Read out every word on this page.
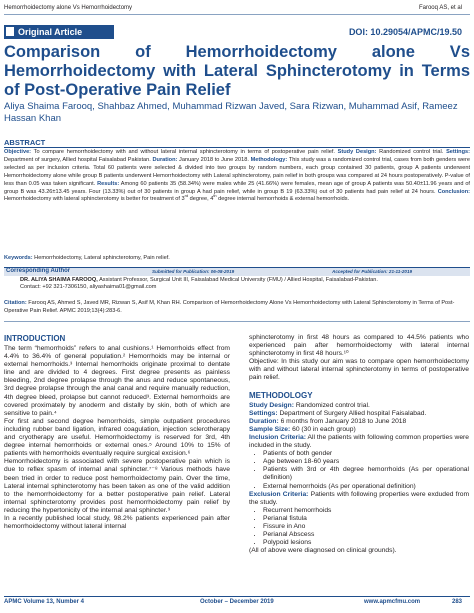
Hemorrhoidectomy alone Vs Hemorrhoidectomy	Farooq AS, et al
Original Article	DOI: 10.29054/APMC/19.50
Comparison of Hemorrhoidectomy alone Vs Hemorrhoidectomy with Lateral Sphincterotomy in Terms of Post-Operative Pain Relief
Aliya Shaima Farooq, Shahbaz Ahmed, Muhammad Rizwan Javed, Sara Rizwan, Muhammad Asif, Rameez Hassan Khan
ABSTRACT
Objective: To compare hemorrhoidectomy with and without lateral internal sphincterotomy in terms of postoperative pain relief. Study Design: Randomized control trial. Settings: Department of surgery, Allied hospital Faisalabad Pakistan. Duration: January 2018 to June 2018. Methodology: This study was a randomized control trial, cases from both genders were selected as per inclusion criteria. Total 60 patients were selected & divided into two groups by random numbers, each group contained 30 patients, group A patients underwent Hemorrhoidectomy alone while group B patients underwent Hemorrhoidectomy with Lateral sphincterotomy, pain relief in both groups was compared at 24 hours postoperatively. P-value of less than 0.05 was taken significant. Results: Among 60 patients 35 (58.34%) were males while 25 (41.66%) were females, mean age of group A patients was 50.40±11.96 years and of group B was 43.26±13.45 years. Four (13.33%) out of 30 patients in group A had pain relief, while in group B 19 (63.33%) out of 30 patients had pain relief at 24 hours. Conclusion: Hemorrhoidectomy with lateral sphincterotomy is better for treatment of 3rd degree, 4th degree internal hemorrhoids & external hemorrhoids.
Keywords: Hemorrhoidectomy, Lateral sphincterotomy, Pain relief.
Corresponding Author	Submitted for Publication: 06-08-2019	Accepted for Publication: 21-11-2019
DR. ALIYA SHAIMA FAROOQ, Assistant Professor, Surgical Unit III, Faisalabad Medical University (FMU) / Allied Hospital, Faisalabad-Pakistan.
Contact: +92 321-7306150, aliyashaima01@gmail.com
Citation: Farooq AS, Ahmed S, Javed MR, Rizwan S, Asif M, Khan RH. Comparison of Hemorrhoidectomy Alone Vs Hemorrhoidectomy with Lateral Sphincterotomy in Terms of Post-Operative Pain Relief. APMC 2019;13(4):283-6.
INTRODUCTION

The term “hemorrhoids” refers to anal cushions.¹ Hemorrhoids effect from 4.4% to 36.4% of general population.² Hemorrhoids may be internal or external hemorrhoids.³ Internal hemorrhoids originate proximal to dentate line and are divided to 4 degrees. First degree presents as painless bleeding, 2nd degree prolapse through the anus and reduce spontaneous, 3rd degree prolapse through the anal canal and require manually reduction, 4th degree bleed, prolapse but cannot reduced³. External hemorrhoids are covered proximately by anoderm and distally by skin, both of which are sensitive to pain.⁴

For first and second degree hemorrhoids, simple outpatient procedures including rubber band ligation, infrared coagulation, injection sclerotherapy and cryotherapy are useful. Hemorrhoidectomy is reserved for 3rd, 4th degree internal hemorrhoids or external ones.⁵ Around 10% to 15% of patients with hemorrhoids eventually require surgical excision.⁶

Hemorrhoidectomy is associated with severe postoperative pain which is due to reflex spasm of internal anal sphincter.⁷⁻⁸ Various methods have been tried in order to reduce post hemorrhoidectomy pain. Over the time, Lateral internal sphincterotomy has been taken as one of the valid addition to the hemorrhoidectomy for a better postoperative pain relief. Lateral internal sphincterotomy provides post hemorrhoidectomy pain relief by reducing the hypertonicity of the internal anal sphincter.⁹

In a recently published local study, 98.2% patients experienced pain after hemorrhoidectomy without lateral internal

sphincterotomy in first 48 hours as compared to 44.5% patients who experienced pain after hemorrhoidectomy with lateral internal sphincterotomy in first 48 hours.¹⁰

Objective: In this study our aim was to compare open hemorrhoidectomy with and without lateral internal sphincterotomy in terms of postoperative pain relief.

METHODOLOGY

Study Design: Randomized control trial.

Settings: Department of Surgery Allied hospital Faisalabad.

Duration: 6 months from January 2018 to June 2018

Sample Size: 60 (30 in each group)

Inclusion Criteria: All the patients with following common properties were included in the study.

• Patients of both gender
• Age between 18-60 years
• Patients with 3rd or 4th degree hemorrhoids (As per operational definition)
• External hemorrhoids (As per operational definition)

Exclusion Criteria: Patients with following properties were exduded from the study.

• Recurrent hemorrhoids
• Perianal fistula
• Fissure in Ano
• Perianal Abscess
• Polypoid lesions

(All of above were diagnosed on clinical grounds).

APMC Volume 13, Number 4	October – December 2019	www.apmcfmu.com	283
